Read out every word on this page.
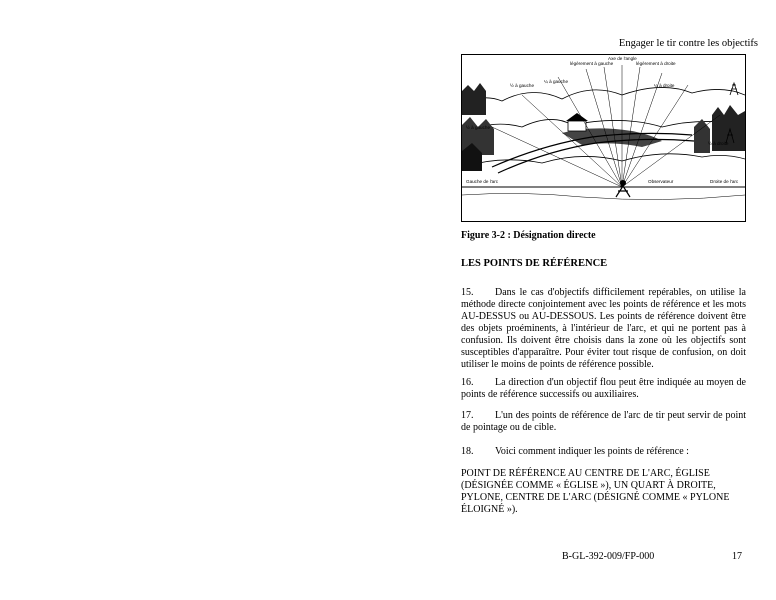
Engager le tir contre les objectifs
Axe de l'angle
légèrement à gauche	légèrement à droite
¼ à gauche
½ à gauche
½ à gauche
¼ à droite
½ à droite
Gauche de l'arc	Observateur	Droite de l'arc
Figure 3-2 : Désignation directe
LES POINTS DE RÉFÉRENCE
15. Dans le cas d'objectifs difficilement repérables, on utilise la méthode directe conjointement avec les points de référence et les mots AU-DESSUS ou AU-DESSOUS. Les points de référence doivent être des objets proéminents, à l'intérieur de l'arc, et qui ne portent pas à confusion. Ils doivent être choisis dans la zone où les objectifs sont susceptibles d'apparaître. Pour éviter tout risque de confusion, on doit utiliser le moins de points de référence possible.
16. La direction d'un objectif flou peut être indiquée au moyen de points de référence successifs ou auxiliaires.
17. L'un des points de référence de l'arc de tir peut servir de point de pointage ou de cible.
18. Voici comment indiquer les points de référence :
POINT DE RÉFÉRENCE AU CENTRE DE L'ARC, ÉGLISE (DÉSIGNÉE COMME « ÉGLISE »), UN QUART À DROITE, PYLONE, CENTRE DE L'ARC (DÉSIGNÉ COMME « PYLONE ÉLOIGNÉ »).
B-GL-392-009/FP-000	17
